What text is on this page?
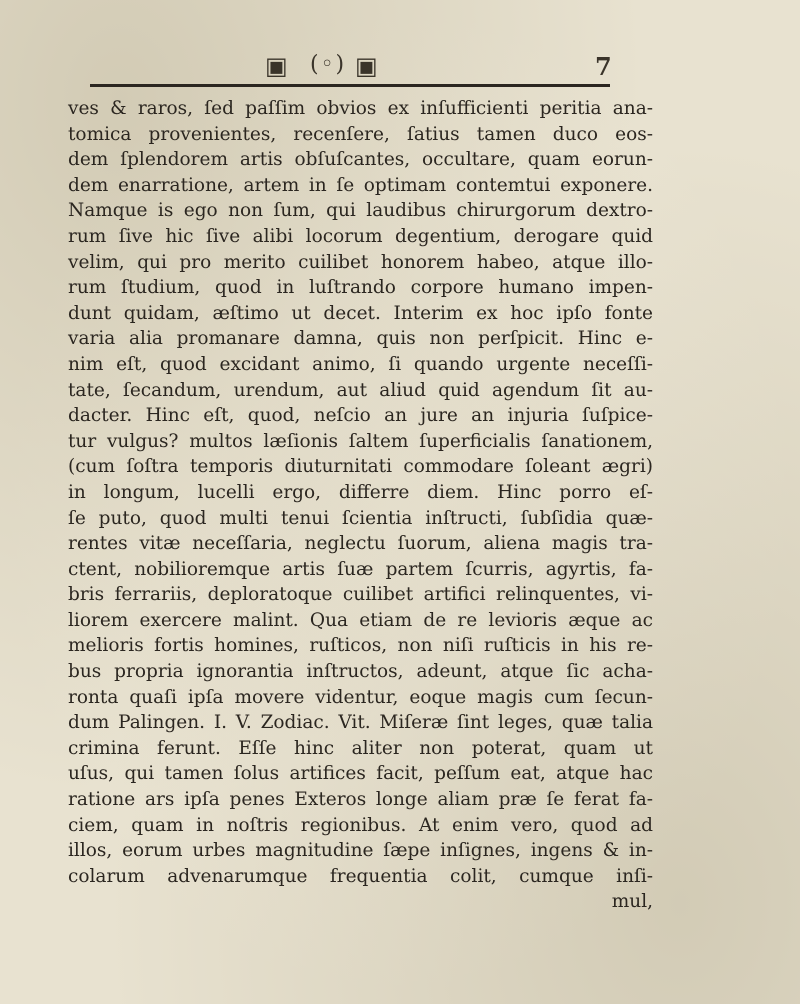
▣ (◦) ▣	7
ves & raros, ſed paſſim obvios ex inſufficienti peritia ana-
tomica provenientes, recenſere, ſatius tamen duco eos-
dem ſplendorem artis obſuſcantes, occultare, quam eorun-
dem enarratione, artem in ſe optimam contemtui exponere.
Namque is ego non ſum, qui laudibus chirurgorum dextro-
rum ſive hic ſive alibi locorum degentium, derogare quid
velim, qui pro merito cuilibet honorem habeo, atque illo-
rum ſtudium, quod in luſtrando corpore humano impen-
dunt quidam, æſtimo ut decet. Interim ex hoc ipſo fonte
varia alia promanare damna, quis non perſpicit. Hinc e-
nim eſt, quod excidant animo, ſi quando urgente neceſſi-
tate, ſecandum, urendum, aut aliud quid agendum ſit au-
dacter. Hinc eſt, quod, neſcio an jure an injuria ſuſpice-
tur vulgus? multos læſionis ſaltem ſuperficialis ſanationem,
(cum ſoſtra temporis diuturnitati commodare ſoleant ægri)
in longum, lucelli ergo, differre diem. Hinc porro eſ-
ſe puto, quod multi tenui ſcientia inſtructi, ſubſidia quæ-
rentes vitæ neceſſaria, neglectu ſuorum, aliena magis tra-
ctent, nobilioremque artis ſuæ partem ſcurris, agyrtis, fa-
bris ferrariis, deploratoque cuilibet artifici relinquentes, vi-
liorem exercere malint. Qua etiam de re levioris æque ac
melioris fortis homines, ruſticos, non niſi ruſticis in his re-
bus propria ignorantia inſtructos, adeunt, atque ſic acha-
ronta quaſi ipſa movere videntur, eoque magis cum ſecun-
dum Palingen. I. V. Zodiac. Vit. Miſeræ ſint leges, quæ talia
crimina ferunt. Eſſe hinc aliter non poterat, quam ut
uſus, qui tamen ſolus artifices facit, peſſum eat, atque hac
ratione ars ipſa penes Exteros longe aliam præ ſe ferat fa-
ciem, quam in noſtris regionibus. At enim vero, quod ad
illos, eorum urbes magnitudine ſæpe inſignes, ingens & in-
colarum advenarumque frequentia colit, cumque inſi-
mul,
